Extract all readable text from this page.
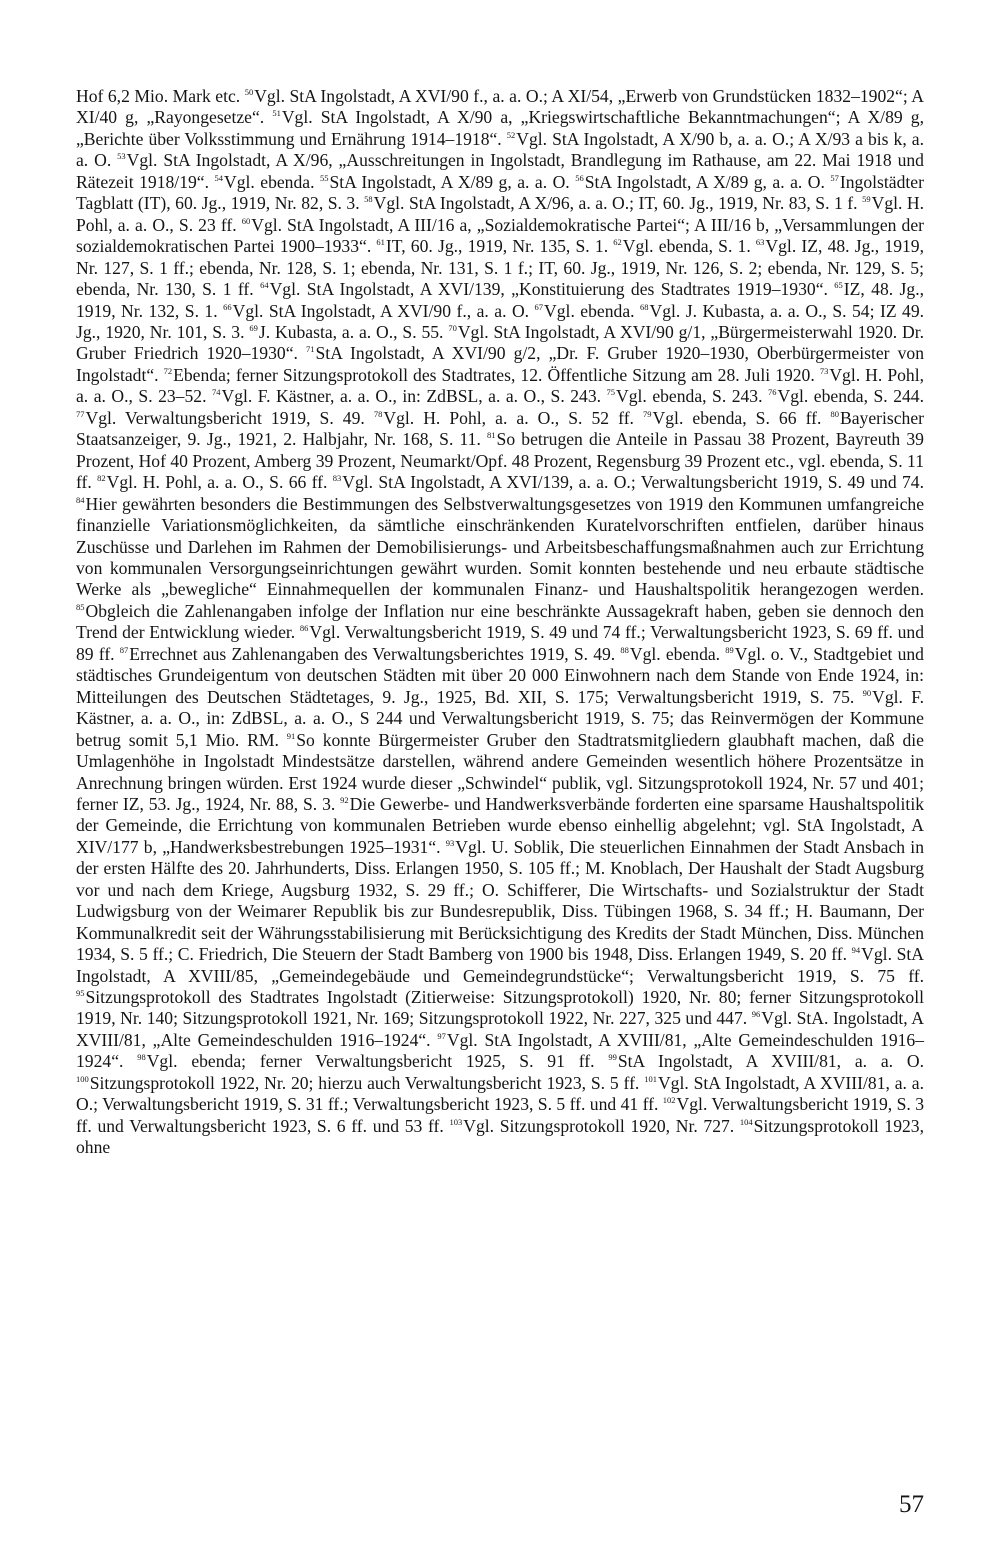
Hof 6,2 Mio. Mark etc. $^{50}$Vgl. StA Ingolstadt, A XVI/90 f., a. a. O.; A XI/54, „Erwerb von Grundstücken 1832–1902“; A XI/40 g, „Rayongesetze“. $^{51}$Vgl. StA Ingolstadt, A X/90 a, „Kriegswirtschaftliche Bekanntmachungen“; A X/89 g, „Berichte über Volksstimmung und Ernährung 1914–1918“. $^{52}$Vgl. StA Ingolstadt, A X/90 b, a. a. O.; A X/93 a bis k, a. a. O. $^{53}$Vgl. StA Ingolstadt, A X/96, „Ausschreitungen in Ingolstadt, Brandlegung im Rathause, am 22. Mai 1918 und Rätezeit 1918/19“. $^{54}$Vgl. ebenda. $^{55}$StA Ingolstadt, A X/89 g, a. a. O. $^{56}$StA Ingolstadt, A X/89 g, a. a. O. $^{57}$Ingolstädter Tagblatt (IT), 60. Jg., 1919, Nr. 82, S. 3. $^{58}$Vgl. StA Ingolstadt, A X/96, a. a. O.; IT, 60. Jg., 1919, Nr. 83, S. 1 f. $^{59}$Vgl. H. Pohl, a. a. O., S. 23 ff. $^{60}$Vgl. StA Ingolstadt, A III/16 a, „Sozialdemokratische Partei“; A III/16 b, „Versammlungen der sozialdemokratischen Partei 1900–1933“. $^{61}$IT, 60. Jg., 1919, Nr. 135, S. 1. $^{62}$Vgl. ebenda, S. 1. $^{63}$Vgl. IZ, 48. Jg., 1919, Nr. 127, S. 1 ff.; ebenda, Nr. 128, S. 1; ebenda, Nr. 131, S. 1 f.; IT, 60. Jg., 1919, Nr. 126, S. 2; ebenda, Nr. 129, S. 5; ebenda, Nr. 130, S. 1 ff. $^{64}$Vgl. StA Ingolstadt, A XVI/139, „Konstituierung des Stadtrates 1919–1930“. $^{65}$IZ, 48. Jg., 1919, Nr. 132, S. 1. $^{66}$Vgl. StA Ingolstadt, A XVI/90 f., a. a. O. $^{67}$Vgl. ebenda. $^{68}$Vgl. J. Kubasta, a. a. O., S. 54; IZ 49. Jg., 1920, Nr. 101, S. 3. $^{69}$J. Kubasta, a. a. O., S. 55. $^{70}$Vgl. StA Ingolstadt, A XVI/90 g/1, „Bürgermeisterwahl 1920. Dr. Gruber Friedrich 1920–1930“. $^{71}$StA Ingolstadt, A XVI/90 g/2, „Dr. F. Gruber 1920–1930, Oberbürgermeister von Ingolstadt“. $^{72}$Ebenda; ferner Sitzungsprotokoll des Stadtrates, 12. Öffentliche Sitzung am 28. Juli 1920. $^{73}$Vgl. H. Pohl, a. a. O., S. 23–52. $^{74}$Vgl. F. Kästner, a. a. O., in: ZdBSL, a. a. O., S. 243. $^{75}$Vgl. ebenda, S. 243. $^{76}$Vgl. ebenda, S. 244. $^{77}$Vgl. Verwaltungsbericht 1919, S. 49. $^{78}$Vgl. H. Pohl, a. a. O., S. 52 ff. $^{79}$Vgl. ebenda, S. 66 ff. $^{80}$Bayerischer Staatsanzeiger, 9. Jg., 1921, 2. Halbjahr, Nr. 168, S. 11. $^{81}$So betrugen die Anteile in Passau 38 Prozent, Bayreuth 39 Prozent, Hof 40 Prozent, Amberg 39 Prozent, Neumarkt/Opf. 48 Prozent, Regensburg 39 Prozent etc., vgl. ebenda, S. 11 ff. $^{82}$Vgl. H. Pohl, a. a. O., S. 66 ff. $^{83}$Vgl. StA Ingolstadt, A XVI/139, a. a. O.; Verwaltungsbericht 1919, S. 49 und 74. $^{84}$Hier gewährten besonders die Bestimmungen des Selbstverwaltungsgesetzes von 1919 den Kommunen umfangreiche finanzielle Variationsmöglichkeiten, da sämtliche einschränkenden Kuratelvorschriften entfielen, darüber hinaus Zuschüsse und Darlehen im Rahmen der Demobilisierungs- und Arbeitsbeschaffungsmaßnahmen auch zur Errichtung von kommunalen Versorgungseinrichtungen gewährt wurden. Somit konnten bestehende und neu erbaute städtische Werke als „bewegliche“ Einnahmequellen der kommunalen Finanz- und Haushaltspolitik herangezogen werden. $^{85}$Obgleich die Zahlenangaben infolge der Inflation nur eine beschränkte Aussagekraft haben, geben sie dennoch den Trend der Entwicklung wieder. $^{86}$Vgl. Verwaltungsbericht 1919, S. 49 und 74 ff.; Verwaltungsbericht 1923, S. 69 ff. und 89 ff. $^{87}$Errechnet aus Zahlenangaben des Verwaltungsberichtes 1919, S. 49. $^{88}$Vgl. ebenda. $^{89}$Vgl. o. V., Stadtgebiet und städtisches Grundeigentum von deutschen Städten mit über 20 000 Einwohnern nach dem Stande von Ende 1924, in: Mitteilungen des Deutschen Städtetages, 9. Jg., 1925, Bd. XII, S. 175; Verwaltungsbericht 1919, S. 75. $^{90}$Vgl. F. Kästner, a. a. O., in: ZdBSL, a. a. O., S 244 und Verwaltungsbericht 1919, S. 75; das Reinvermögen der Kommune betrug somit 5,1 Mio. RM. $^{91}$So konnte Bürgermeister Gruber den Stadtratsmitgliedern glaubhaft machen, daß die Umlagenhöhe in Ingolstadt Mindestsätze darstellen, während andere Gemeinden wesentlich höhere Prozentsätze in Anrechnung bringen würden. Erst 1924 wurde dieser „Schwindel“ publik, vgl. Sitzungsprotokoll 1924, Nr. 57 und 401; ferner IZ, 53. Jg., 1924, Nr. 88, S. 3. $^{92}$Die Gewerbe- und Handwerksverbände forderten eine sparsame Haushaltspolitik der Gemeinde, die Errichtung von kommunalen Betrieben wurde ebenso einhellig abgelehnt; vgl. StA Ingolstadt, A XIV/177 b, „Handwerksbestrebungen 1925–1931“. $^{93}$Vgl. U. Soblik, Die steuerlichen Einnahmen der Stadt Ansbach in der ersten Hälfte des 20. Jahrhunderts, Diss. Erlangen 1950, S. 105 ff.; M. Knoblach, Der Haushalt der Stadt Augsburg vor und nach dem Kriege, Augsburg 1932, S. 29 ff.; O. Schifferer, Die Wirtschafts- und Sozialstruktur der Stadt Ludwigsburg von der Weimarer Republik bis zur Bundesrepublik, Diss. Tübingen 1968, S. 34 ff.; H. Baumann, Der Kommunalkredit seit der Währungsstabilisierung mit Berücksichtigung des Kredits der Stadt München, Diss. München 1934, S. 5 ff.; C. Friedrich, Die Steuern der Stadt Bamberg von 1900 bis 1948, Diss. Erlangen 1949, S. 20 ff. $^{94}$Vgl. StA Ingolstadt, A XVIII/85, „Gemeindegebäude und Gemeindegrundstücke“; Verwaltungsbericht 1919, S. 75 ff. $^{95}$Sitzungsprotokoll des Stadtrates Ingolstadt (Zitierweise: Sitzungsprotokoll) 1920, Nr. 80; ferner Sitzungsprotokoll 1919, Nr. 140; Sitzungsprotokoll 1921, Nr. 169; Sitzungsprotokoll 1922, Nr. 227, 325 und 447. $^{96}$Vgl. StA. Ingolstadt, A XVIII/81, „Alte Gemeindeschulden 1916–1924“. $^{97}$Vgl. StA Ingolstadt, A XVIII/81, „Alte Gemeindeschulden 1916–1924“. $^{98}$Vgl. ebenda; ferner Verwaltungsbericht 1925, S. 91 ff. $^{99}$StA Ingolstadt, A XVIII/81, a. a. O. $^{100}$Sitzungsprotokoll 1922, Nr. 20; hierzu auch Verwaltungsbericht 1923, S. 5 ff. $^{101}$Vgl. StA Ingolstadt, A XVIII/81, a. a. O.; Verwaltungsbericht 1919, S. 31 ff.; Verwaltungsbericht 1923, S. 5 ff. und 41 ff. $^{102}$Vgl. Verwaltungsbericht 1919, S. 3 ff. und Verwaltungsbericht 1923, S. 6 ff. und 53 ff. $^{103}$Vgl. Sitzungsprotokoll 1920, Nr. 727. $^{104}$Sitzungsprotokoll 1923, ohne
57
